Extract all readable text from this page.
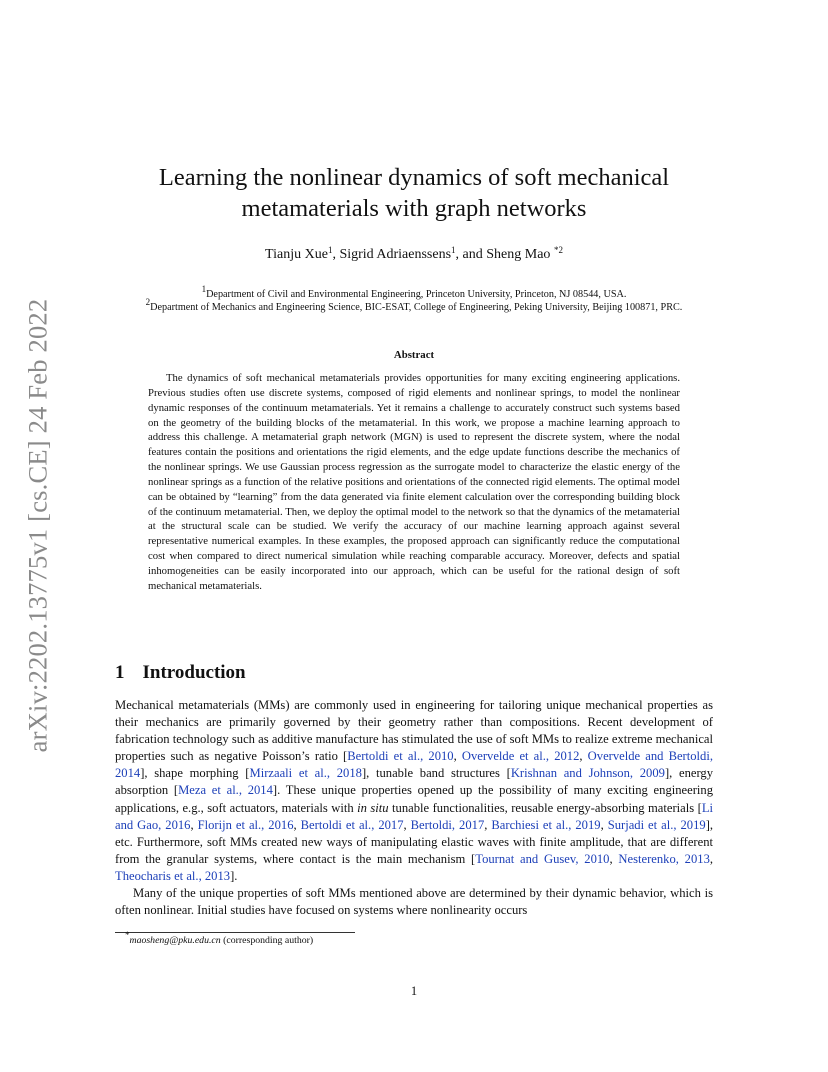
arXiv:2202.13775v1 [cs.CE] 24 Feb 2022
Learning the nonlinear dynamics of soft mechanical
metamaterials with graph networks
Tianju Xue$^1$, Sigrid Adriaenssens$^1$, and Sheng Mao $^{*2}$
$^1$Department of Civil and Environmental Engineering, Princeton University, Princeton, NJ 08544, USA.
$^2$Department of Mechanics and Engineering Science, BIC-ESAT, College of Engineering, Peking University, Beijing 100871, PRC.
Abstract

The dynamics of soft mechanical metamaterials provides opportunities for many exciting engineering applications. Previous studies often use discrete systems, composed of rigid elements and nonlinear springs, to model the nonlinear dynamic responses of the continuum metamaterials. Yet it remains a challenge to accurately construct such systems based on the geometry of the building blocks of the metamaterial. In this work, we propose a machine learning approach to address this challenge. A metamaterial graph network (MGN) is used to represent the discrete system, where the nodal features contain the positions and orientations the rigid elements, and the edge update functions describe the mechanics of the nonlinear springs. We use Gaussian process regression as the surrogate model to characterize the elastic energy of the nonlinear springs as a function of the relative positions and orientations of the connected rigid elements. The optimal model can be obtained by “learning” from the data generated via finite element calculation over the corresponding building block of the continuum metamaterial. Then, we deploy the optimal model to the network so that the dynamics of the metamaterial at the structural scale can be studied. We verify the accuracy of our machine learning approach against several representative numerical examples. In these examples, the proposed approach can significantly reduce the computational cost when compared to direct numerical simulation while reaching comparable accuracy. Moreover, defects and spatial inhomogeneities can be easily incorporated into our approach, which can be useful for the rational design of soft mechanical metamaterials.

1 Introduction

Mechanical metamaterials (MMs) are commonly used in engineering for tailoring unique mechanical properties as their mechanics are primarily governed by their geometry rather than compositions. Recent development of fabrication technology such as additive manufacture has stimulated the use of soft MMs to realize extreme mechanical properties such as negative Poisson’s ratio [Bertoldi et al., 2010, Overvelde et al., 2012, Overvelde and Bertoldi, 2014], shape morphing [Mirzaali et al., 2018], tunable band structures [Krishnan and Johnson, 2009], energy absorption [Meza et al., 2014]. These unique properties opened up the possibility of many exciting engineering applications, e.g., soft actuators, materials with in situ tunable functionalities, reusable energy-absorbing materials [Li and Gao, 2016, Florijn et al., 2016, Bertoldi et al., 2017, Bertoldi, 2017, Barchiesi et al., 2019, Surjadi et al., 2019], etc. Furthermore, soft MMs created new ways of manipulating elastic waves with finite amplitude, that are different from the granular systems, where contact is the main mechanism [Tournat and Gusev, 2010, Nesterenko, 2013, Theocharis et al., 2013].

Many of the unique properties of soft MMs mentioned above are determined by their dynamic behavior, which is often nonlinear. Initial studies have focused on systems where nonlinearity occurs

*maosheng@pku.edu.cn (corresponding author)
1
